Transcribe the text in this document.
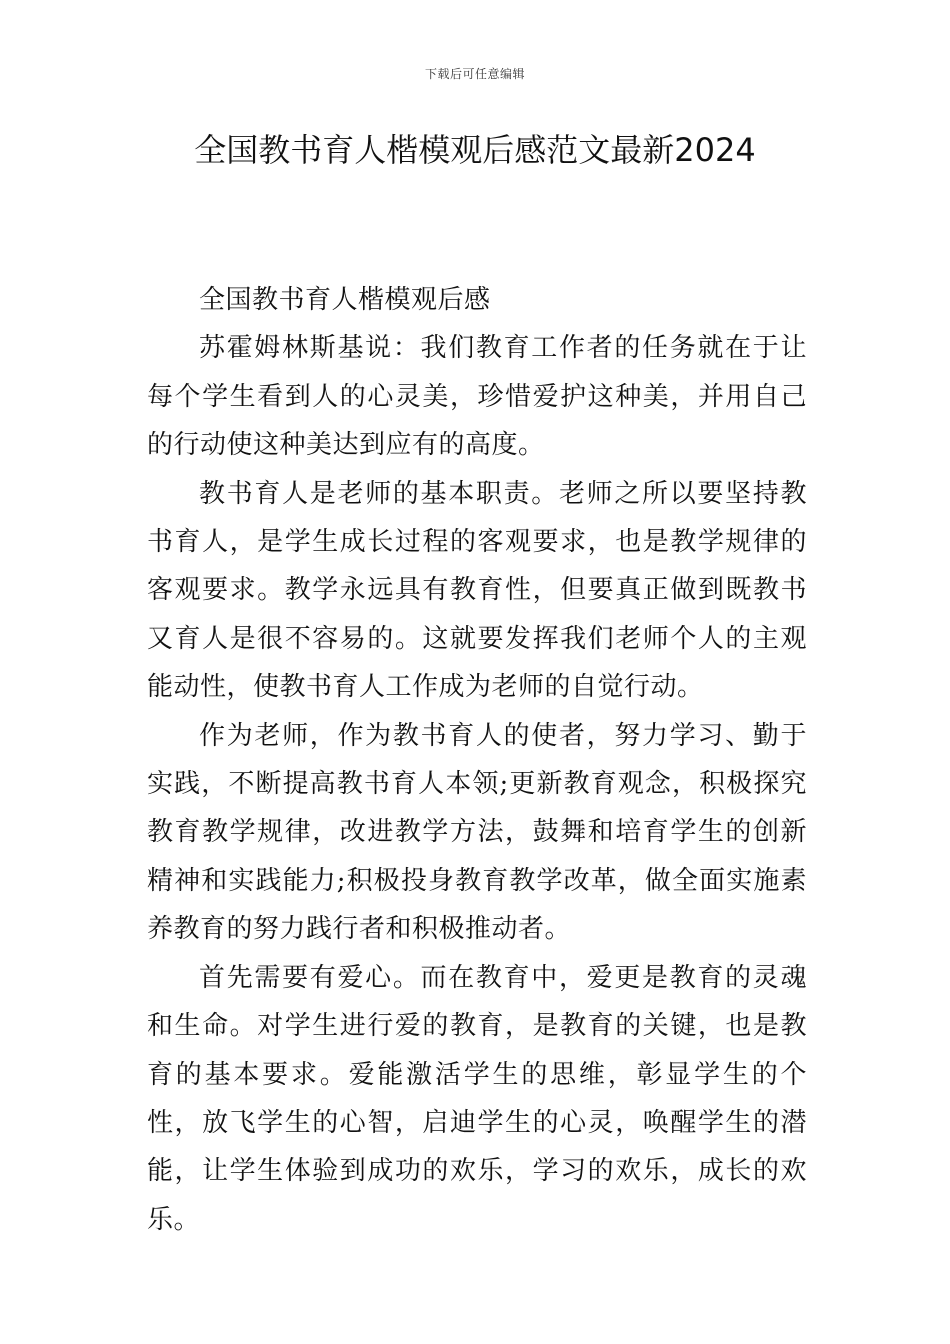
下载后可任意编辑
全国教书育人楷模观后感范文最新2024

全国教书育人楷模观后感

苏霍姆林斯基说：我们教育工作者的任务就在于让每个学生看到人的心灵美，珍惜爱护这种美，并用自己的行动使这种美达到应有的高度。

教书育人是老师的基本职责。老师之所以要坚持教书育人，是学生成长过程的客观要求，也是教学规律的客观要求。教学永远具有教育性，但要真正做到既教书又育人是很不容易的。这就要发挥我们老师个人的主观能动性，使教书育人工作成为老师的自觉行动。

作为老师，作为教书育人的使者，努力学习、勤于实践，不断提高教书育人本领;更新教育观念，积极探究教育教学规律，改进教学方法，鼓舞和培育学生的创新精神和实践能力;积极投身教育教学改革，做全面实施素养教育的努力践行者和积极推动者。

首先需要有爱心。而在教育中，爱更是教育的灵魂和生命。对学生进行爱的教育，是教育的关键，也是教育的基本要求。爱能激活学生的思维，彰显学生的个性，放飞学生的心智，启迪学生的心灵，唤醒学生的潜能，让学生体验到成功的欢乐，学习的欢乐，成长的欢乐。
